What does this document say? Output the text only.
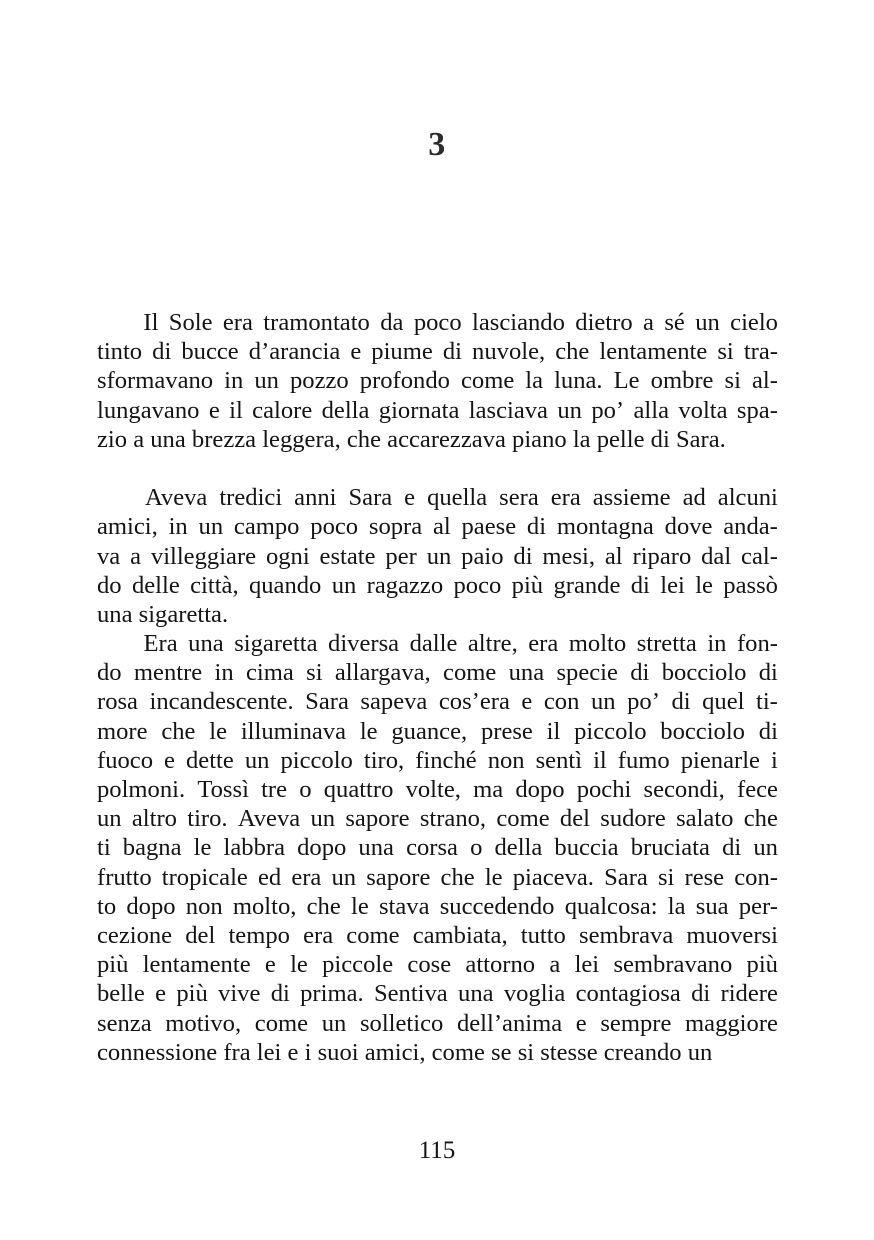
3
Il Sole era tramontato da poco lasciando dietro a sé un cielo
tinto di bucce d’arancia e piume di nuvole, che lentamente si tra-
sformavano in un pozzo profondo come la luna. Le ombre si al-
lungavano e il calore della giornata lasciava un po’ alla volta spa-
zio a una brezza leggera, che accarezzava piano la pelle di Sara.
Aveva tredici anni Sara e quella sera era assieme ad alcuni
amici, in un campo poco sopra al paese di montagna dove anda-
va a villeggiare ogni estate per un paio di mesi, al riparo dal cal-
do delle città, quando un ragazzo poco più grande di lei le passò
una sigaretta.
Era una sigaretta diversa dalle altre, era molto stretta in fon-
do mentre in cima si allargava, come una specie di bocciolo di
rosa incandescente. Sara sapeva cos’era e con un po’ di quel ti-
more che le illuminava le guance, prese il piccolo bocciolo di
fuoco e dette un piccolo tiro, finché non sentì il fumo pienarle i
polmoni. Tossì tre o quattro volte, ma dopo pochi secondi, fece
un altro tiro. Aveva un sapore strano, come del sudore salato che
ti bagna le labbra dopo una corsa o della buccia bruciata di un
frutto tropicale ed era un sapore che le piaceva. Sara si rese con-
to dopo non molto, che le stava succedendo qualcosa: la sua per-
cezione del tempo era come cambiata, tutto sembrava muoversi
più lentamente e le piccole cose attorno a lei sembravano più
belle e più vive di prima. Sentiva una voglia contagiosa di ridere
senza motivo, come un solletico dell’anima e sempre maggiore
connessione fra lei e i suoi amici, come se si stesse creando un
115
